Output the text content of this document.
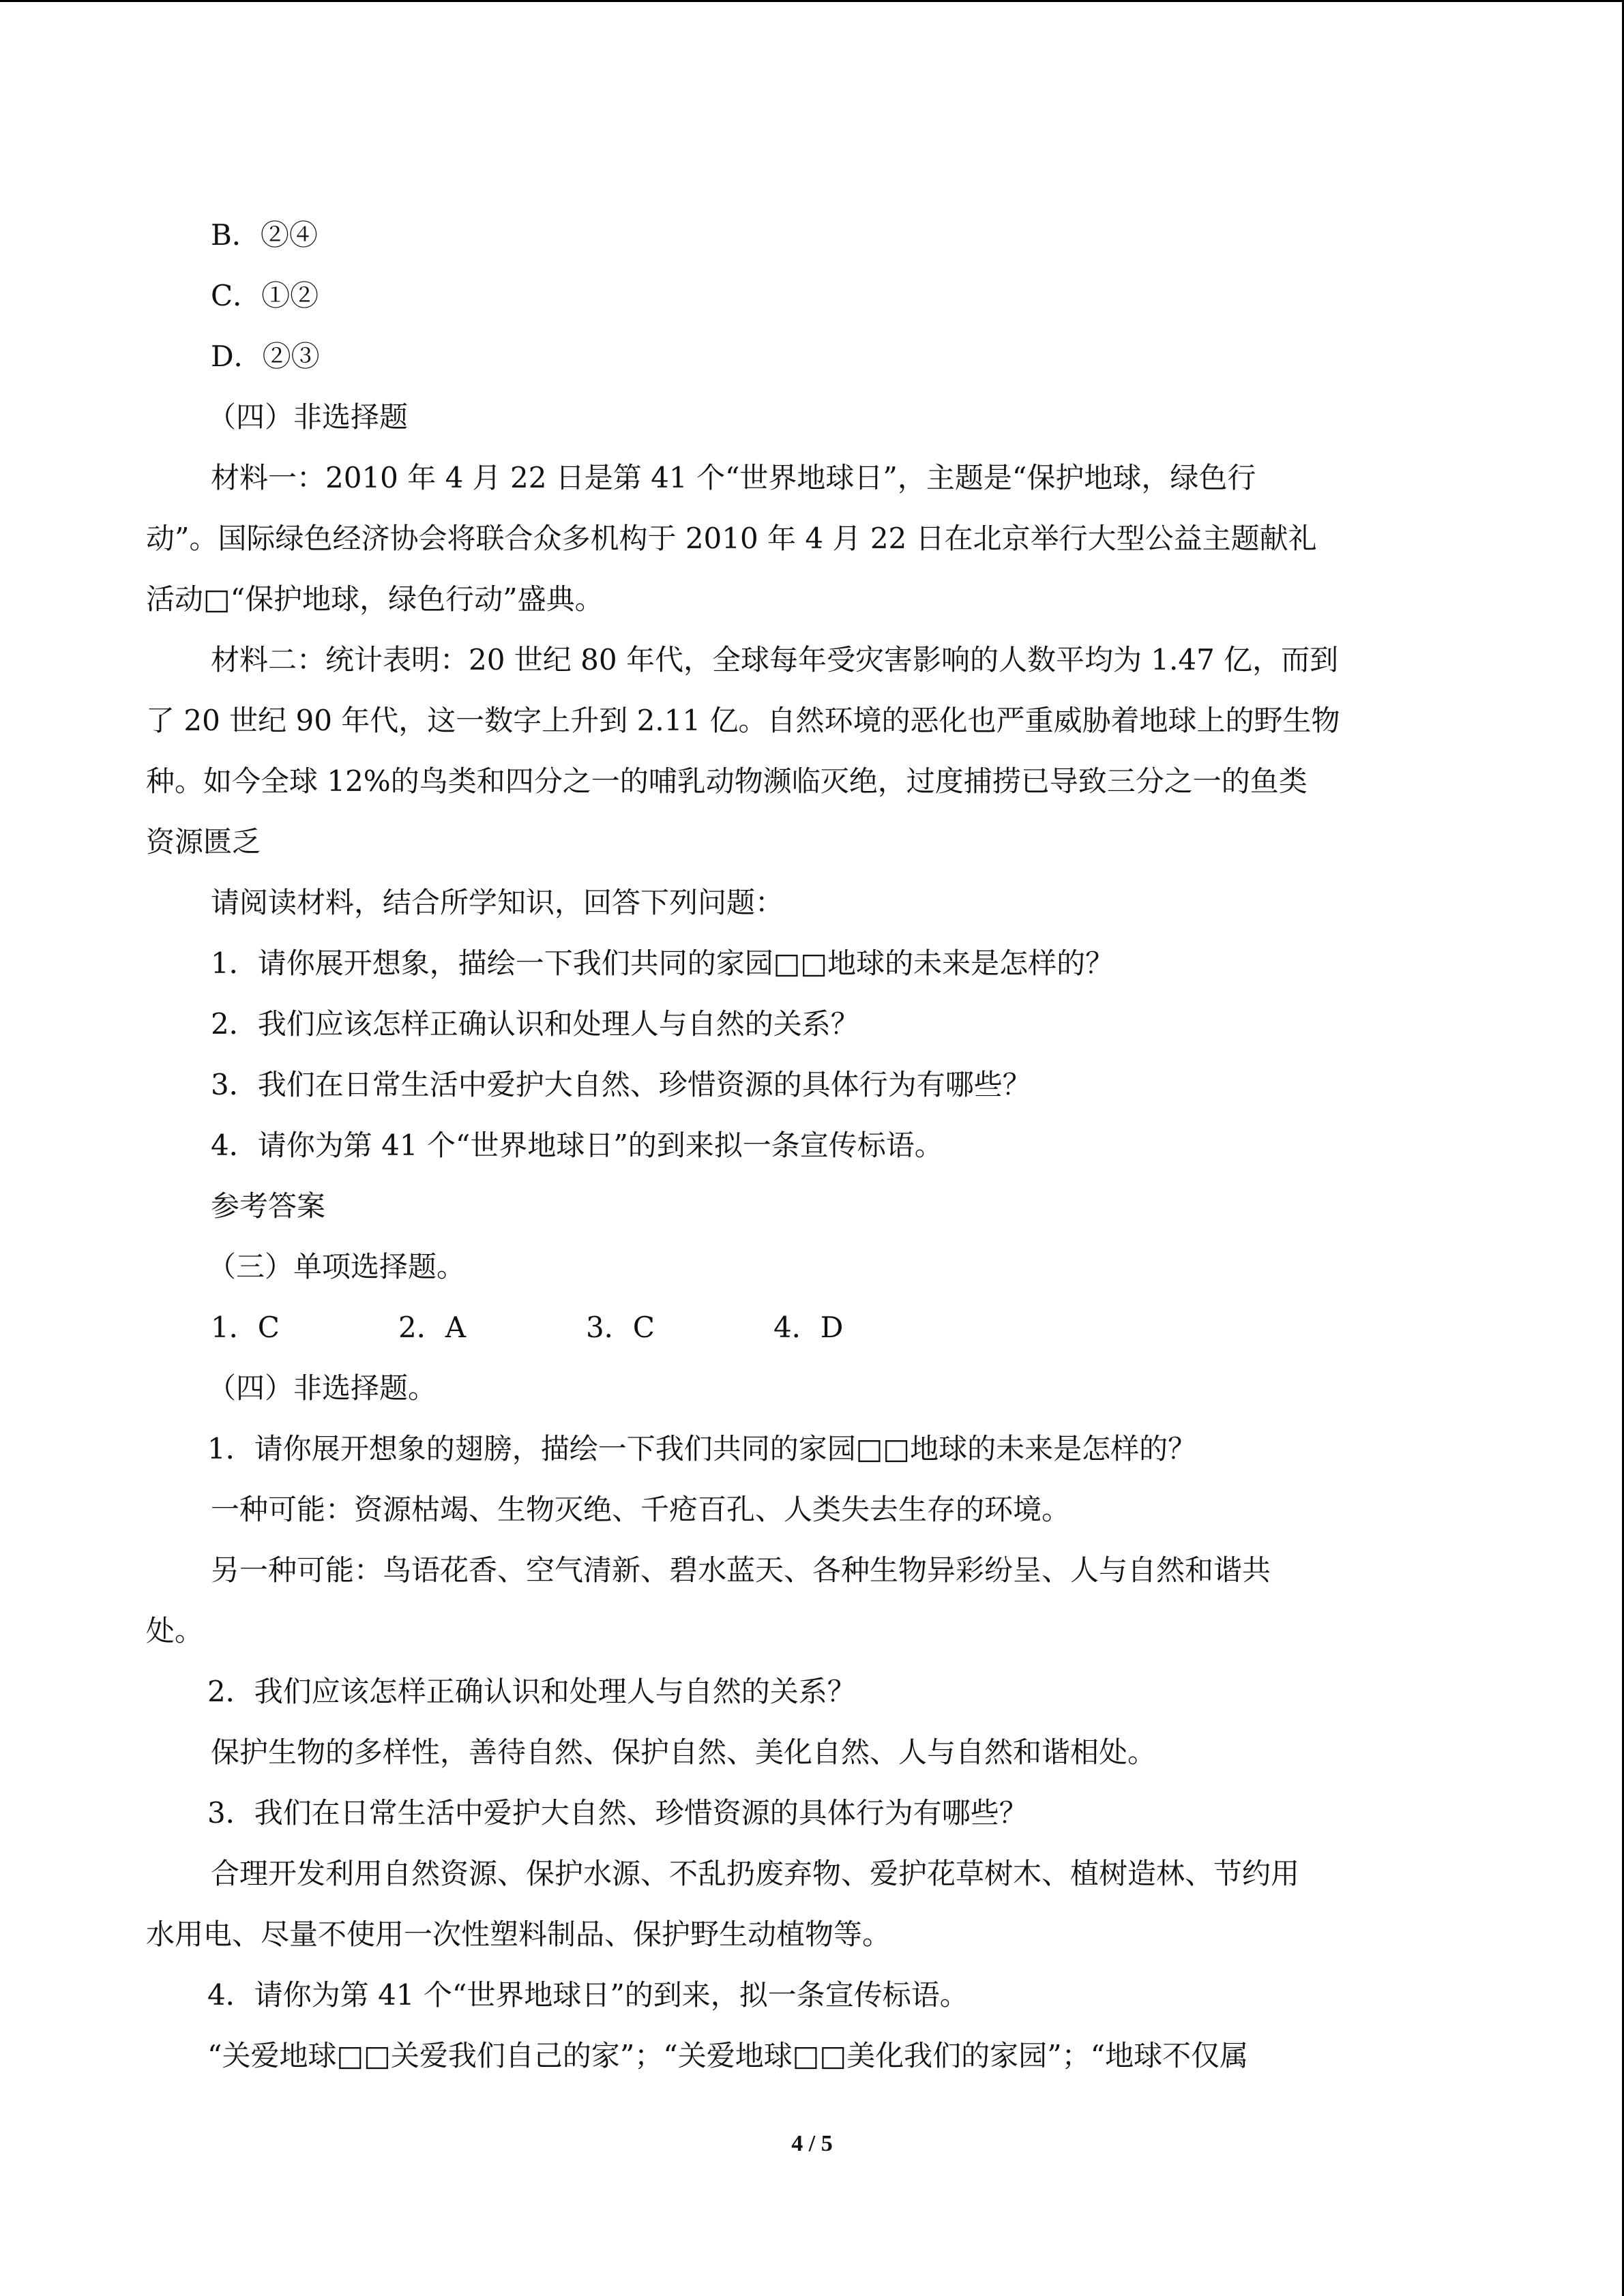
B．②④
C．①②
D．②③
（四）非选择题
材料一：2010 年 4 月 22 日是第 41 个“世界地球日”，主题是“保护地球，绿色行
动”。国际绿色经济协会将联合众多机构于 2010 年 4 月 22 日在北京举行大型公益主题献礼
活动□“保护地球，绿色行动”盛典。
材料二：统计表明：20 世纪 80 年代，全球每年受灾害影响的人数平均为 1.47 亿，而到
了 20 世纪 90 年代，这一数字上升到 2.11 亿。自然环境的恶化也严重威胁着地球上的野生物
种。如今全球 12%的鸟类和四分之一的哺乳动物濒临灭绝，过度捕捞已导致三分之一的鱼类
资源匮乏
请阅读材料，结合所学知识，回答下列问题：
1．请你展开想象，描绘一下我们共同的家园□□地球的未来是怎样的？
2．我们应该怎样正确认识和处理人与自然的关系？
3．我们在日常生活中爱护大自然、珍惜资源的具体行为有哪些？
4．请你为第 41 个“世界地球日”的到来拟一条宣传标语。
参考答案
（三）单项选择题。
1．C	2．A	3．C	4．D
（四）非选择题。
1．请你展开想象的翅膀，描绘一下我们共同的家园□□地球的未来是怎样的？
一种可能：资源枯竭、生物灭绝、千疮百孔、人类失去生存的环境。
另一种可能：鸟语花香、空气清新、碧水蓝天、各种生物异彩纷呈、人与自然和谐共
处。
2．我们应该怎样正确认识和处理人与自然的关系？
保护生物的多样性，善待自然、保护自然、美化自然、人与自然和谐相处。
3．我们在日常生活中爱护大自然、珍惜资源的具体行为有哪些？
合理开发利用自然资源、保护水源、不乱扔废弃物、爱护花草树木、植树造林、节约用
水用电、尽量不使用一次性塑料制品、保护野生动植物等。
4．请你为第 41 个“世界地球日”的到来，拟一条宣传标语。
“关爱地球□□关爱我们自己的家”；“关爱地球□□美化我们的家园”；“地球不仅属
4 / 5
